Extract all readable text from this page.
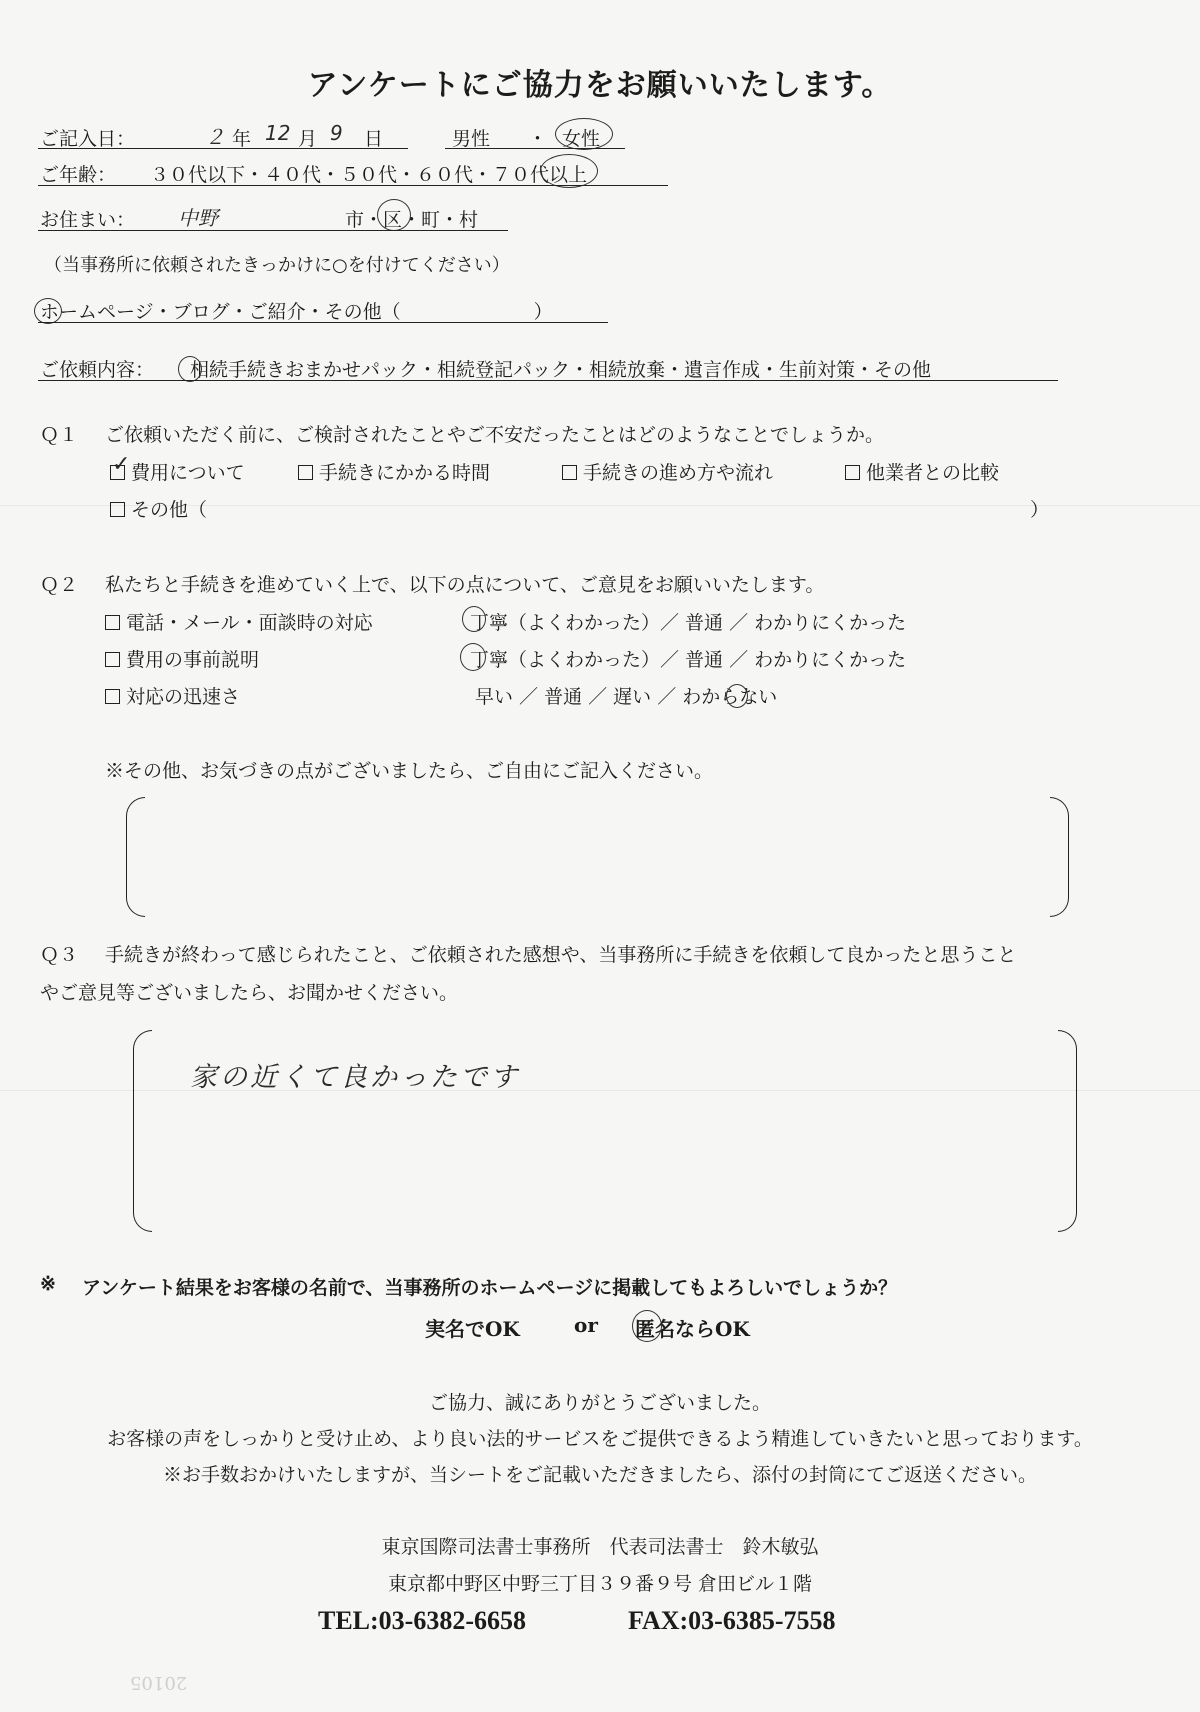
アンケートにご協力をお願いいたします。
ご記入日：	２ 年 12 月 9 日	男性 ・ 女性
ご年齢： ３０代以下・４０代・５０代・６０代・７０代以上
お住まい： 中野	市・区・町・村
（当事務所に依頼されたきっかけに○を付けてください）
ホームページ・ブログ・ご紹介・その他（　　　　　　　）
ご依頼内容： 相続手続きおまかせパック・相続登記パック・相続放棄・遺言作成・生前対策・その他
Ｑ１ ご依頼いただく前に、ご検討されたことやご不安だったことはどのようなことでしょうか。
費用について
✓	手続きにかかる時間	手続きの進め方や流れ	他業者との比較
その他（	）
Ｑ２ 私たちと手続きを進めていく上で、以下の点について、ご意見をお願いいたします。
電話・メール・面談時の対応	丁寧（よくわかった）／ 普通 ／ わかりにくかった
費用の事前説明	丁寧（よくわかった）／ 普通 ／ わかりにくかった
対応の迅速さ	早い ／ 普通 ／ 遅い ／ わからない
※その他、お気づきの点がございましたら、ご自由にご記入ください。
Ｑ３ 手続きが終わって感じられたこと、ご依頼された感想や、当事務所に手続きを依頼して良かったと思うこと
やご意見等ございましたら、お聞かせください。
家の近くて良かったです
※ アンケート結果をお客様の名前で、当事務所のホームページに掲載してもよろしいでしょうか？
実名でOK	or 匿名ならOK
ご協力、誠にありがとうございました。
お客様の声をしっかりと受け止め、より良い法的サービスをご提供できるよう精進していきたいと思っております。
※お手数おかけいたしますが、当シートをご記載いただきましたら、添付の封筒にてご返送ください。
東京国際司法書士事務所　代表司法書士　鈴木敏弘
東京都中野区中野三丁目３９番９号 倉田ビル１階
TEL:03-6382-6658	FAX:03-6385-7558
20105
